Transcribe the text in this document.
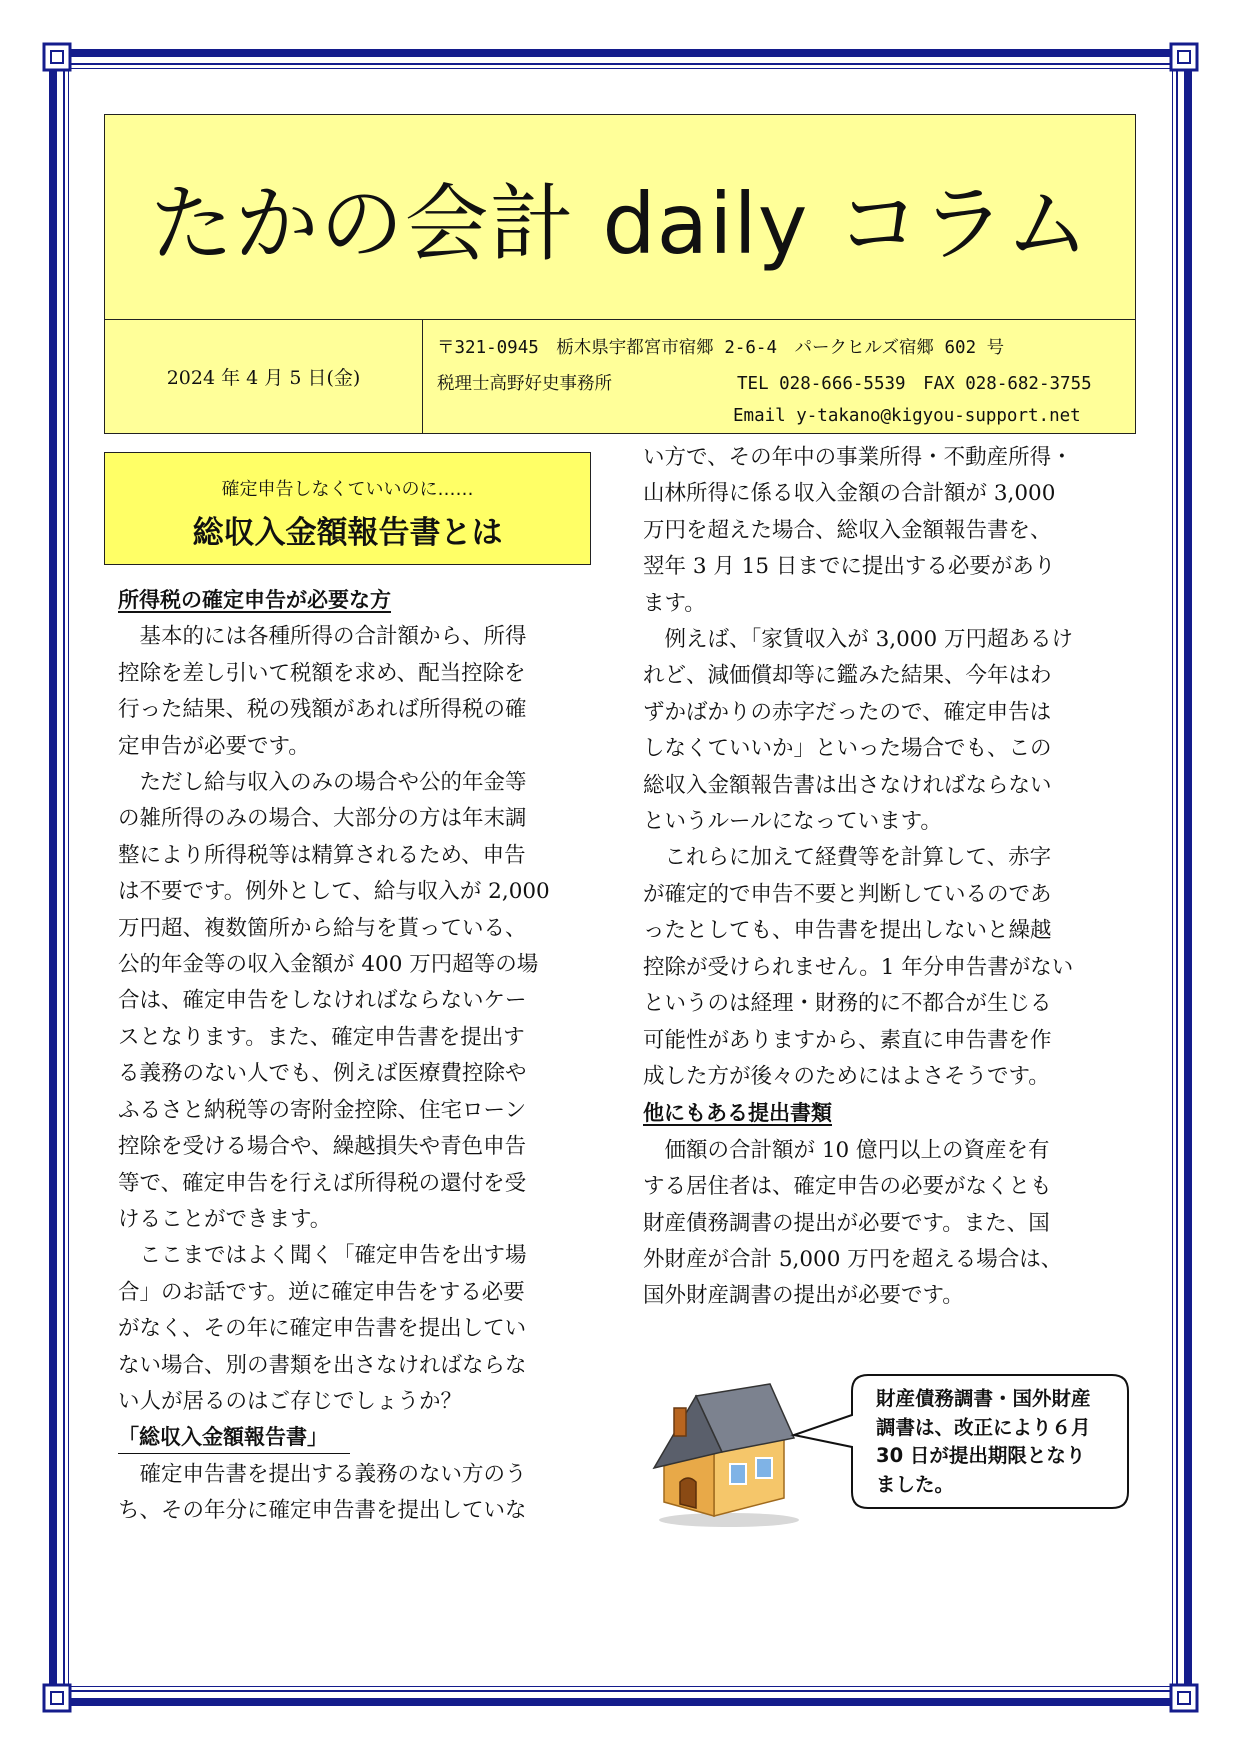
たかの会計 daily コラム
2024 年 4 月 5 日(金)
〒321-0945　栃木県宇都宮市宿郷 2-6-4　パークヒルズ宿郷 602 号
税理士高野好史事務所	TEL 028-666-5539　FAX 028-682-3755
Email y-takano@kigyou-support.net
確定申告しなくていいのに……
総収入金額報告書とは

所得税の確定申告が必要な方

　基本的には各種所得の合計額から、所得

控除を差し引いて税額を求め、配当控除を

行った結果、税の残額があれば所得税の確

定申告が必要です。

　ただし給与収入のみの場合や公的年金等

の雑所得のみの場合、大部分の方は年末調

整により所得税等は精算されるため、申告

は不要です。例外として、給与収入が 2,000

万円超、複数箇所から給与を貰っている、

公的年金等の収入金額が 400 万円超等の場

合は、確定申告をしなければならないケー

スとなります。また、確定申告書を提出す

る義務のない人でも、例えば医療費控除や

ふるさと納税等の寄附金控除、住宅ローン

控除を受ける場合や、繰越損失や青色申告

等で、確定申告を行えば所得税の還付を受

けることができます。

　ここまではよく聞く「確定申告を出す場

合」のお話です。逆に確定申告をする必要

がなく、その年に確定申告書を提出してい

ない場合、別の書類を出さなければならな

い人が居るのはご存じでしょうか？

「総収入金額報告書」

　確定申告書を提出する義務のない方のう

ち、その年分に確定申告書を提出していな

い方で、その年中の事業所得・不動産所得・

山林所得に係る収入金額の合計額が 3,000

万円を超えた場合、総収入金額報告書を、

翌年 3 月 15 日までに提出する必要があり

ます。

　例えば、「家賃収入が 3,000 万円超あるけ

れど、減価償却等に鑑みた結果、今年はわ

ずかばかりの赤字だったので、確定申告は

しなくていいか」といった場合でも、この

総収入金額報告書は出さなければならない

というルールになっています。

　これらに加えて経費等を計算して、赤字

が確定的で申告不要と判断しているのであ

ったとしても、申告書を提出しないと繰越

控除が受けられません。1 年分申告書がない

というのは経理・財務的に不都合が生じる

可能性がありますから、素直に申告書を作

成した方が後々のためにはよさそうです。

他にもある提出書類

　価額の合計額が 10 億円以上の資産を有

する居住者は、確定申告の必要がなくとも

財産債務調書の提出が必要です。また、国

外財産が合計 5,000 万円を超える場合は、

国外財産調書の提出が必要です。

財産債務調書・国外財産
調書は、改正により６月
30 日が提出期限となり
ました。
